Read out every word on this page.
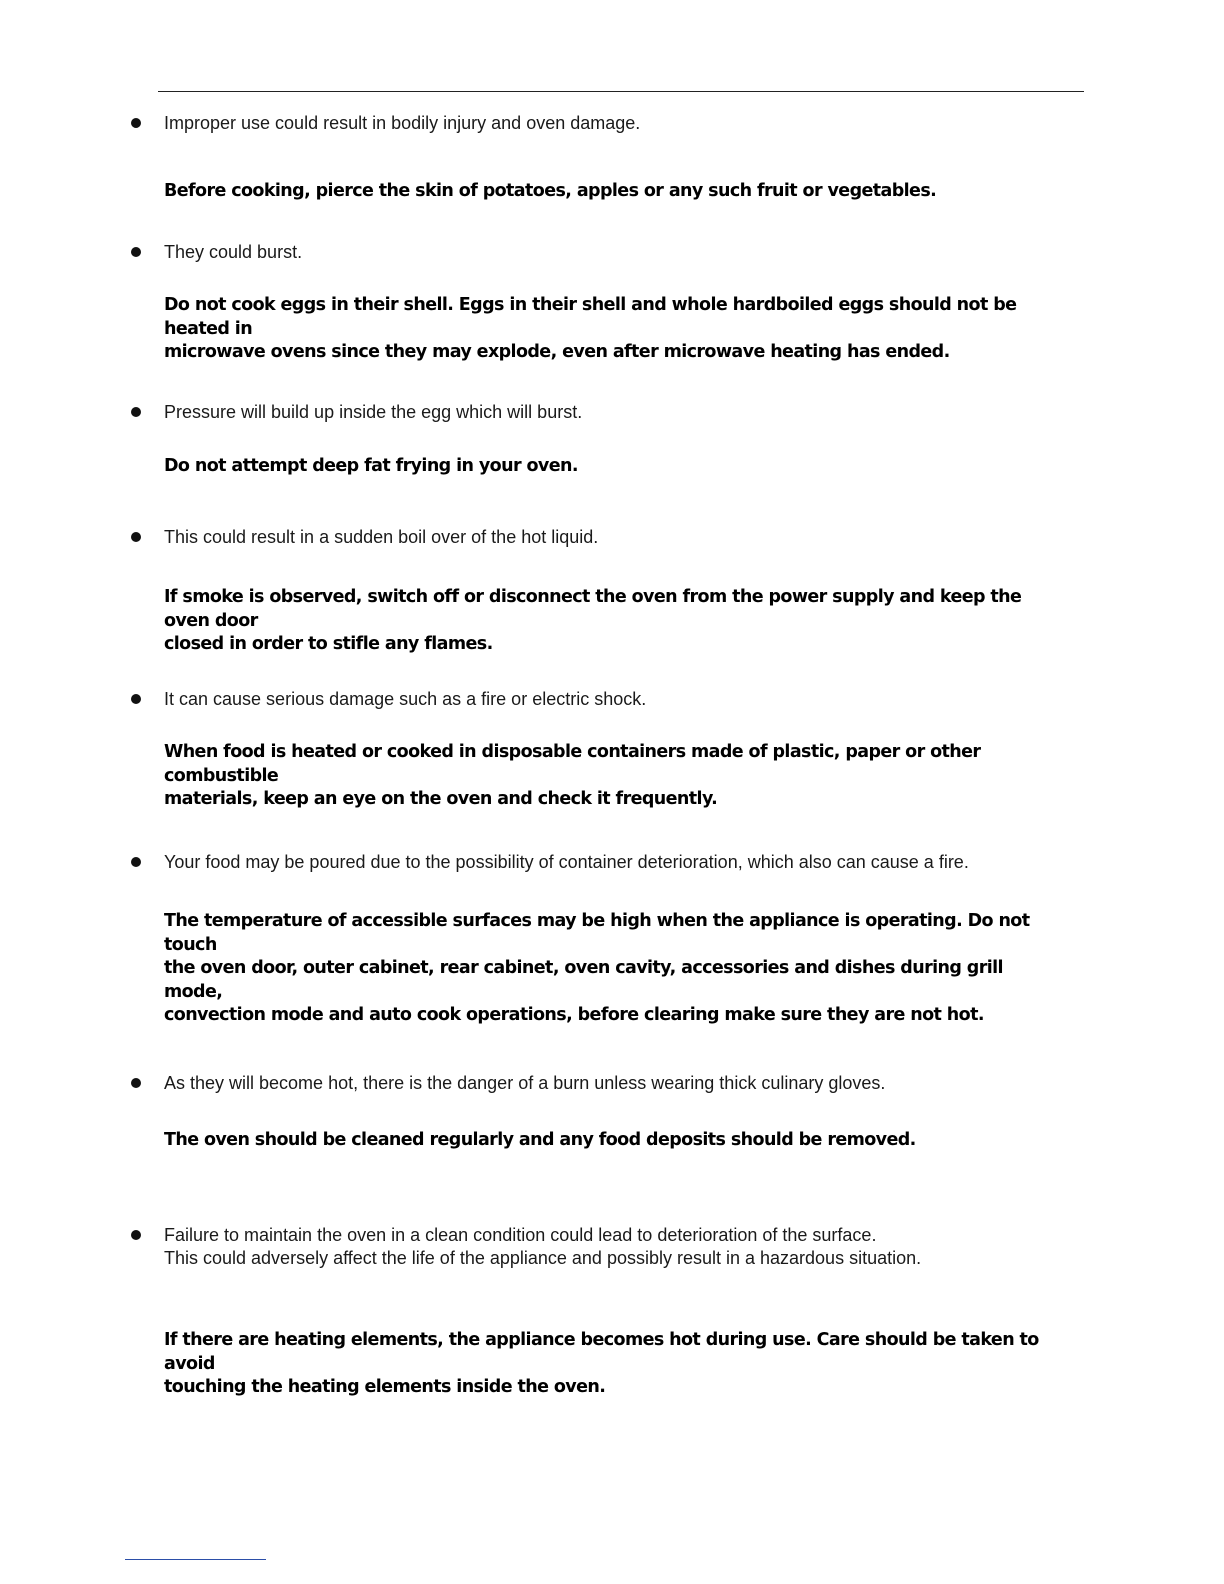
Improper use could result in bodily injury and oven damage.
Before cooking, pierce the skin of potatoes, apples or any such fruit or vegetables.
They could burst.
Do not cook eggs in their shell. Eggs in their shell and whole hardboiled eggs should not be heated in
microwave ovens since they may explode, even after microwave heating has ended.
Pressure will build up inside the egg which will burst.
Do not attempt deep fat frying in your oven.
This could result in a sudden boil over of the hot liquid.
If smoke is observed, switch off or disconnect the oven from the power supply and keep the oven door
closed in order to stifle any flames.
It can cause serious damage such as a fire or electric shock.
When food is heated or cooked in disposable containers made of plastic, paper or other combustible
materials, keep an eye on the oven and check it frequently.
Your food may be poured due to the possibility of container deterioration, which also can cause a fire.
The temperature of accessible surfaces may be high when the appliance is operating. Do not touch
the oven door, outer cabinet, rear cabinet, oven cavity, accessories and dishes during grill mode,
convection mode and auto cook operations, before clearing make sure they are not hot.
As they will become hot, there is the danger of a burn unless wearing thick culinary gloves.
The oven should be cleaned regularly and any food deposits should be removed.
Failure to maintain the oven in a clean condition could lead to deterioration of the surface.
This could adversely affect the life of the appliance and possibly result in a hazardous situation.
If there are heating elements, the appliance becomes hot during use. Care should be taken to avoid
touching the heating elements inside the oven.
